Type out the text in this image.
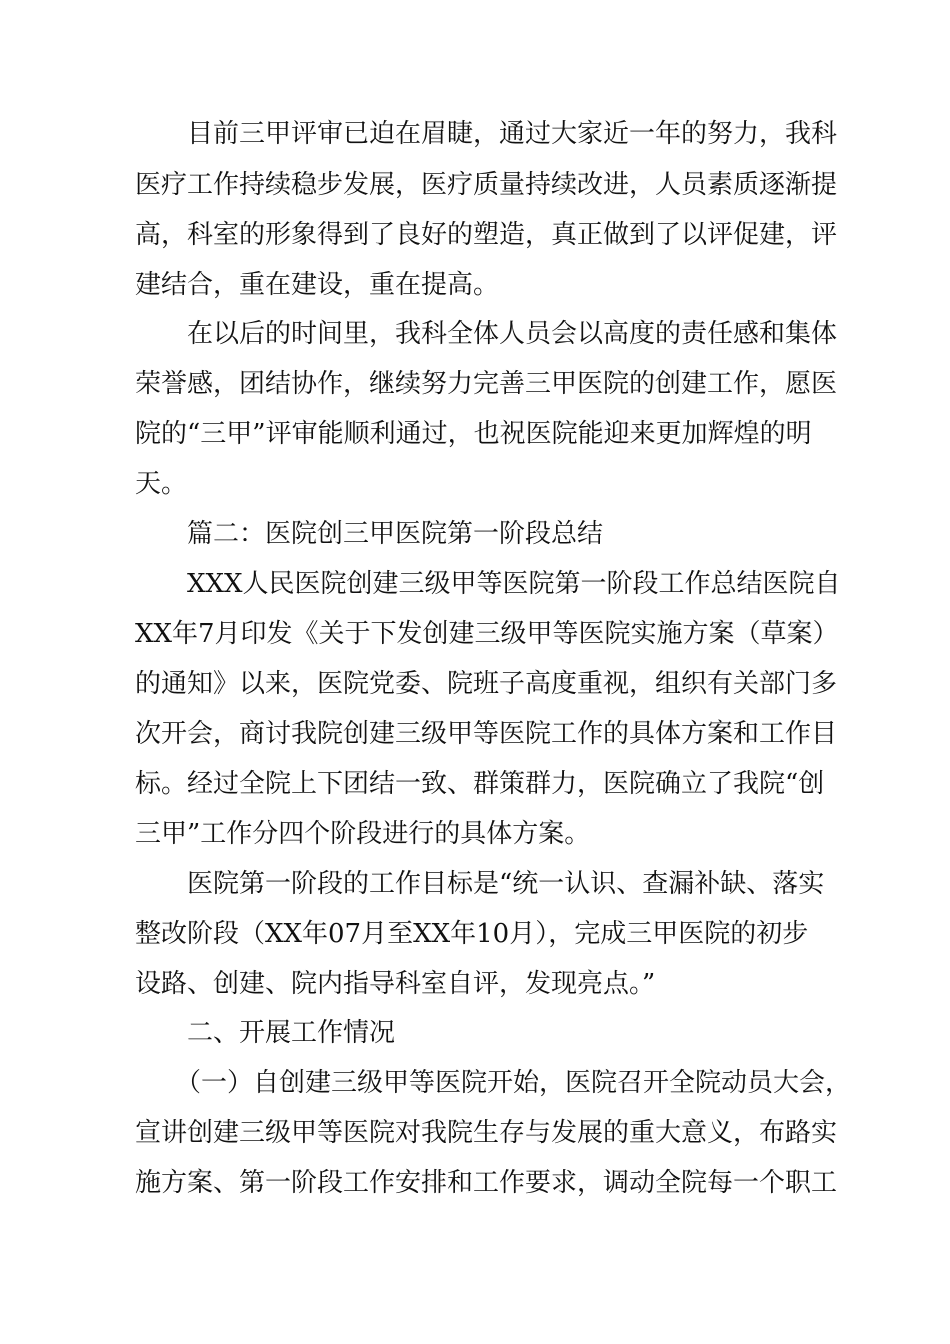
目前三甲评审已迫在眉睫，通过大家近一年的努力，我科
医疗工作持续稳步发展，医疗质量持续改进，人员素质逐渐提
高，科室的形象得到了良好的塑造，真正做到了以评促建，评
建结合，重在建设，重在提高。
在以后的时间里，我科全体人员会以高度的责任感和集体
荣誉感，团结协作，继续努力完善三甲医院的创建工作，愿医
院的“三甲”评审能顺利通过，也祝医院能迎来更加辉煌的明
天。
篇二：医院创三甲医院第一阶段总结
XXX人民医院创建三级甲等医院第一阶段工作总结医院自
XX年7月印发《关于下发创建三级甲等医院实施方案（草案）
的通知》以来，医院党委、院班子高度重视，组织有关部门多
次开会，商讨我院创建三级甲等医院工作的具体方案和工作目
标。经过全院上下团结一致、群策群力，医院确立了我院“创
三甲”工作分四个阶段进行的具体方案。
医院第一阶段的工作目标是“统一认识、查漏补缺、落实
整改阶段（XX年07月至XX年10月），完成三甲医院的初步
设路、创建、院内指导科室自评，发现亮点。”
二、开展工作情况
（一）自创建三级甲等医院开始，医院召开全院动员大会，
宣讲创建三级甲等医院对我院生存与发展的重大意义，布路实
施方案、第一阶段工作安排和工作要求，调动全院每一个职工
